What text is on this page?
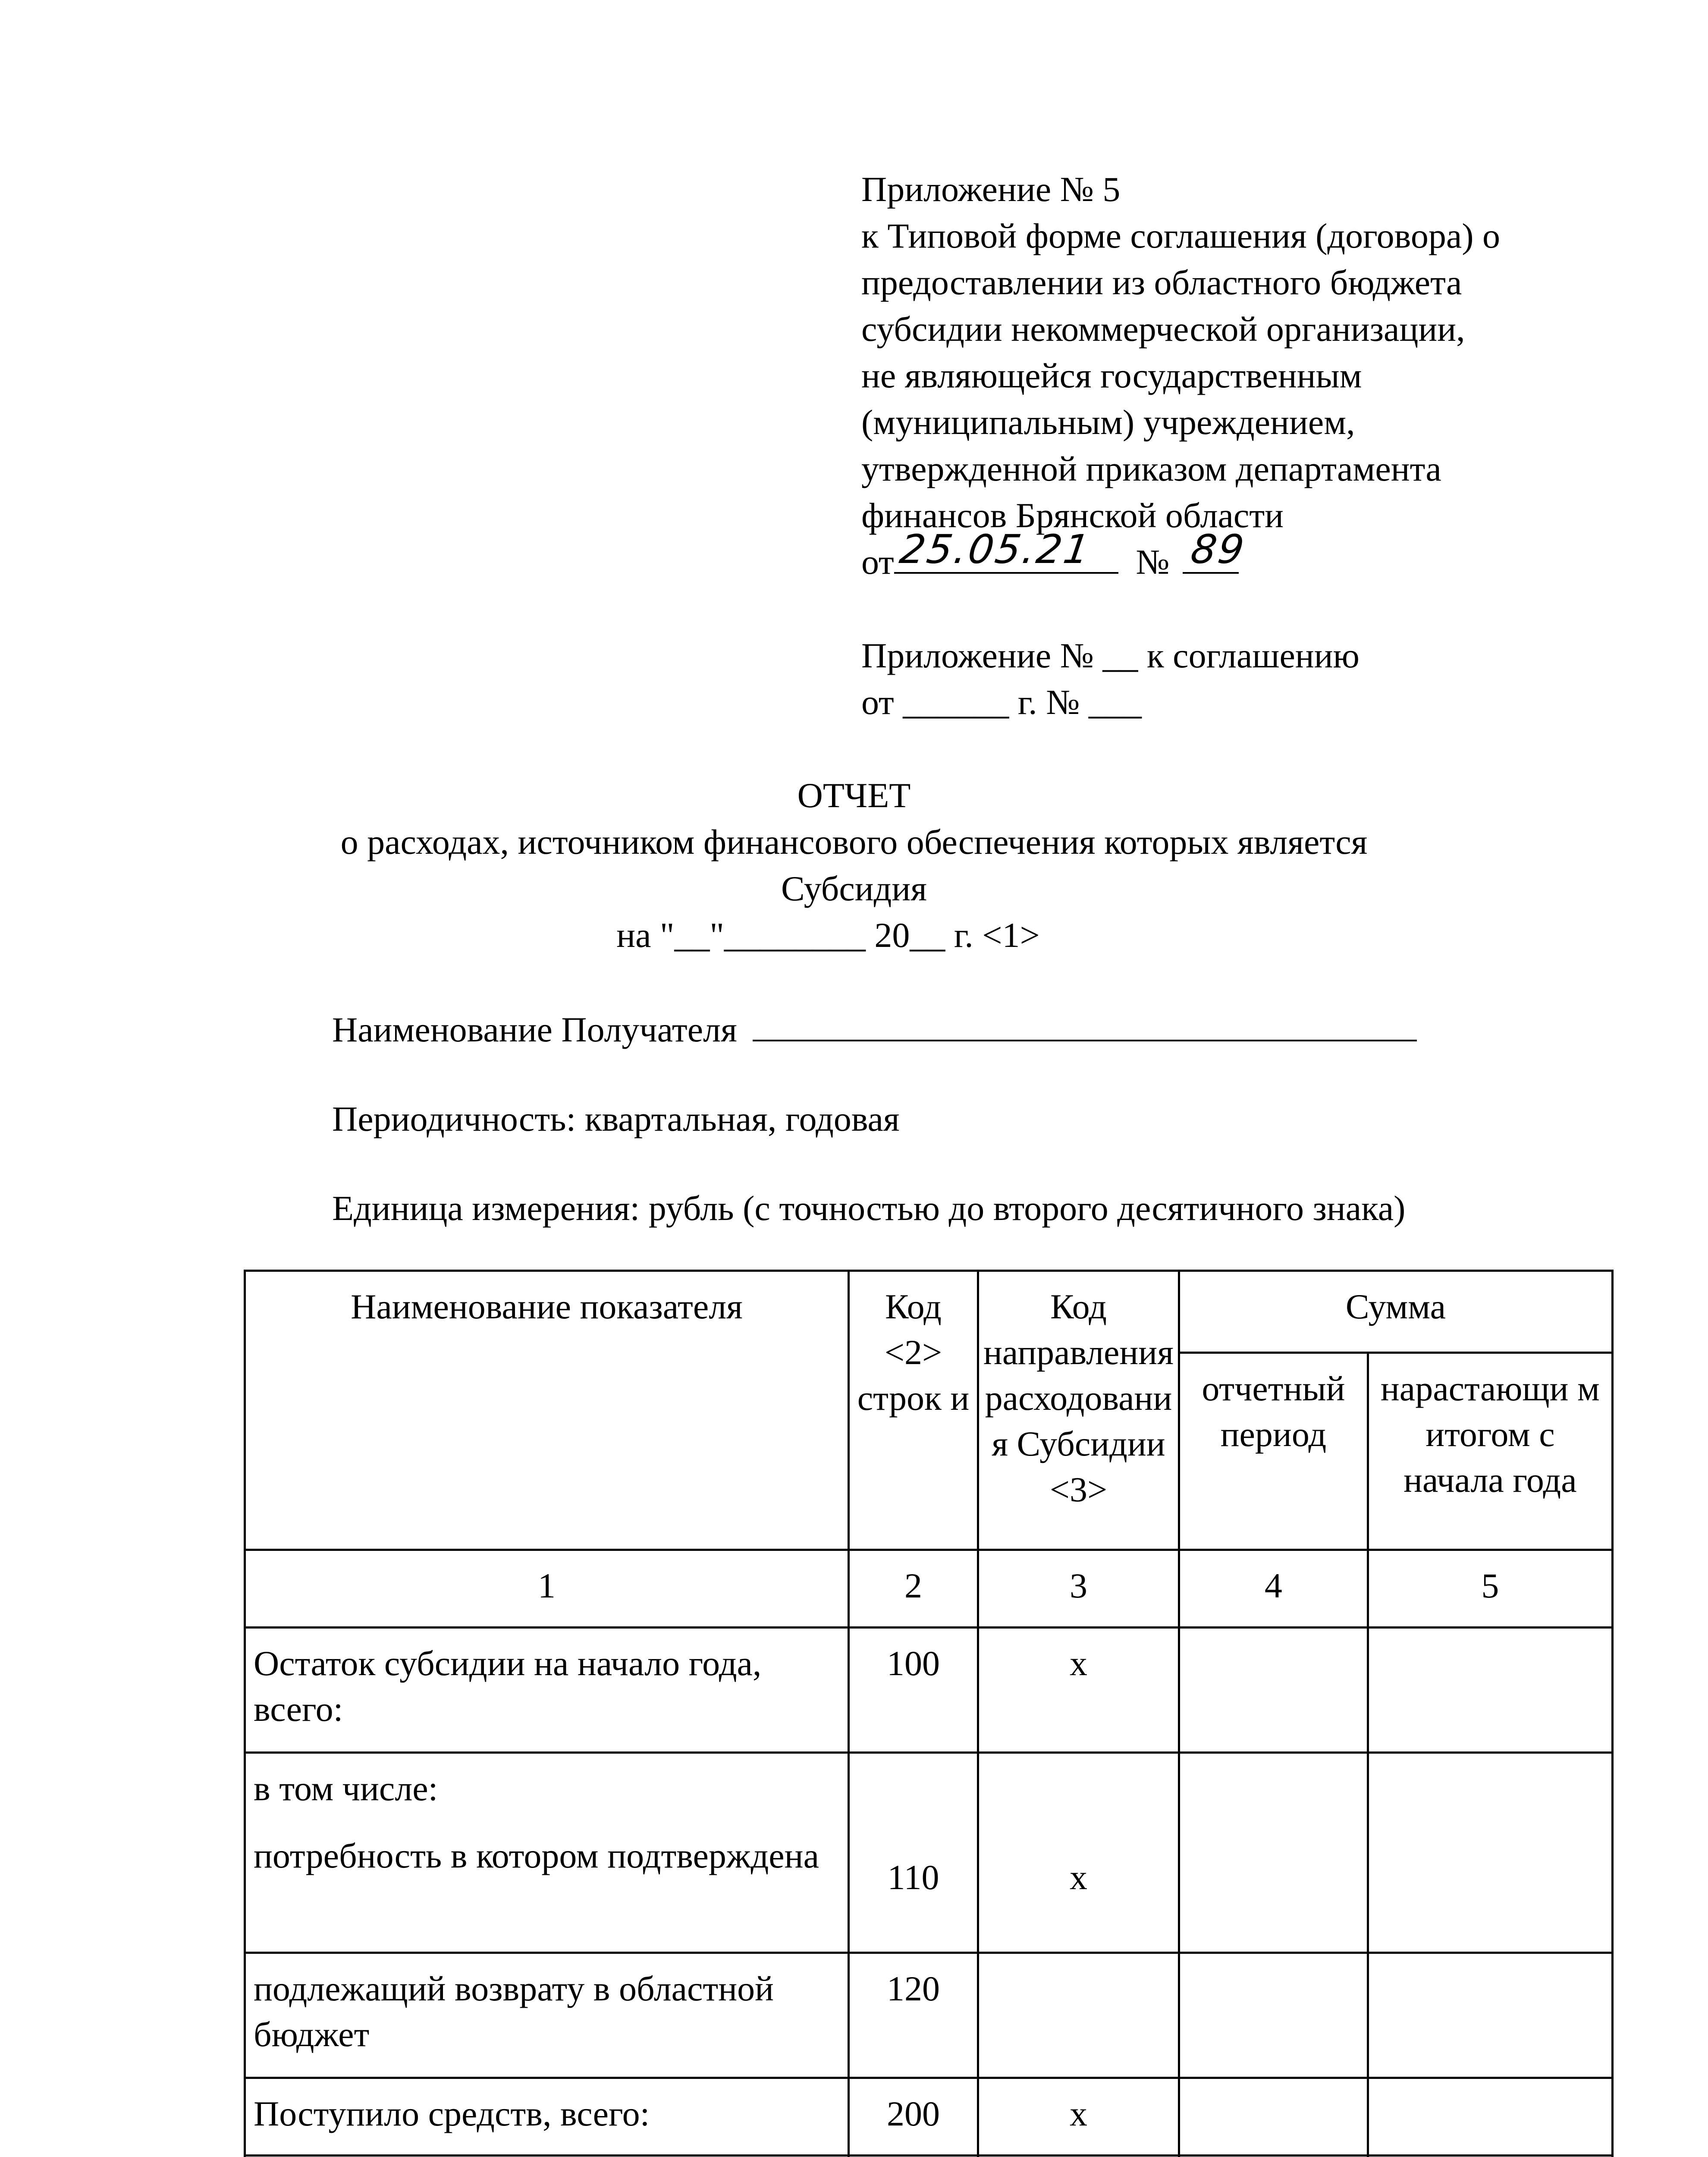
Приложение № 5
к Типовой форме соглашения (договора) о
предоставлении из областного бюджета
субсидии некоммерческой организации,
не являющейся государственным
(муниципальным) учреждением,
утвержденной приказом департамента
финансов Брянской области
от 25.05.21 № 89
Приложение № __ к соглашению
от ______ г. № ___
ОТЧЕТ
о расходах, источником финансового обеспечения которых является
Субсидия
на "__"________ 20__ г. <1>
Наименование Получателя
Периодичность: квартальная, годовая
Единица измерения: рубль (с точностью до второго десятичного знака)
Наименование показателя	Код <2> строк и	Код направления расходовани я Субсидии <3>	Сумма	
			отчетный период	нарастающи м итогом с начала года
1	2	3	4	5
Остаток субсидии на начало года, всего:	100	x		
в том числе:
потребность в котором подтверждена	110	x		
подлежащий возврату в областной бюджет	120			
Поступило средств, всего:	200	x		
